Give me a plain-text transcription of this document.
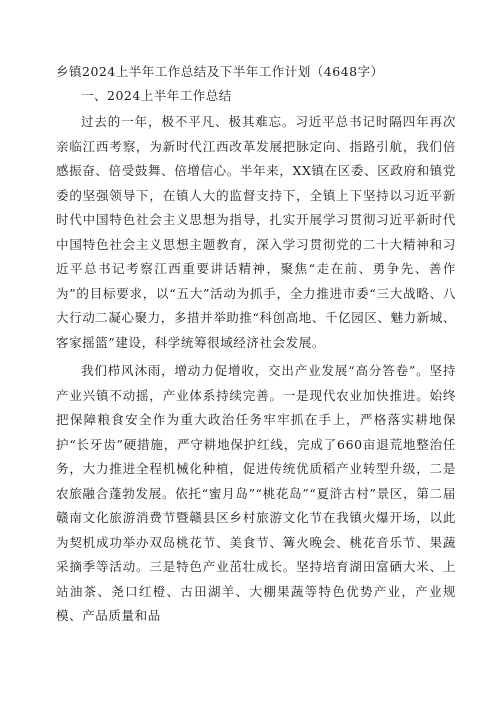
乡镇2024上半年工作总结及下半年工作计划（4648字）
一、2024上半年工作总结

过去的一年，极不平凡、极其难忘。习近平总书记时隔四年再次亲临江西考察，为新时代江西改革发展把脉定向、指路引航，我们倍感振奋、倍受鼓舞、倍增信心。半年来，XX镇在区委、区政府和镇党委的坚强领导下，在镇人大的监督支持下，全镇上下坚持以习近平新时代中国特色社会主义思想为指导，扎实开展学习贯彻习近平新时代中国特色社会主义思想主题教育，深入学习贯彻党的二十大精神和习近平总书记考察江西重要讲话精神，聚焦“走在前、勇争先、善作为”的目标要求，以“五大”活动为抓手，全力推进市委“三大战略、八大行动二凝心聚力，多措并举助推“科创高地、千亿园区、魅力新城、客家摇篮”建设，科学统筹很域经济社会发展。

我们栉风沐雨，增动力促增收，交出产业发展“高分答卷”。坚持产业兴镇不动摇，产业体系持续完善。一是现代农业加快推进。始终把保障粮食安全作为重大政治任务牢牢抓在手上，严格落实耕地保护“长牙齿”硬措施，严守耕地保护红线，完成了660亩退荒地整治任务，大力推进全程机械化种植，促进传统优质稻产业转型升级，二是农旅融合蓬勃发展。依托“蜜月岛”“桃花岛”“夏浒古村”景区，第二届赣南文化旅游消费节暨赣县区乡村旅游文化节在我镇火爆开场，以此为契机成功举办双岛桃花节、美食节、篝火晚会、桃花音乐节、果蔬采摘季等活动。三是特色产业茁壮成长。坚持培育湖田富硒大米、上站油茶、尧口红橙、古田湖羊、大棚果蔬等特色优势产业，产业规模、产品质量和品
